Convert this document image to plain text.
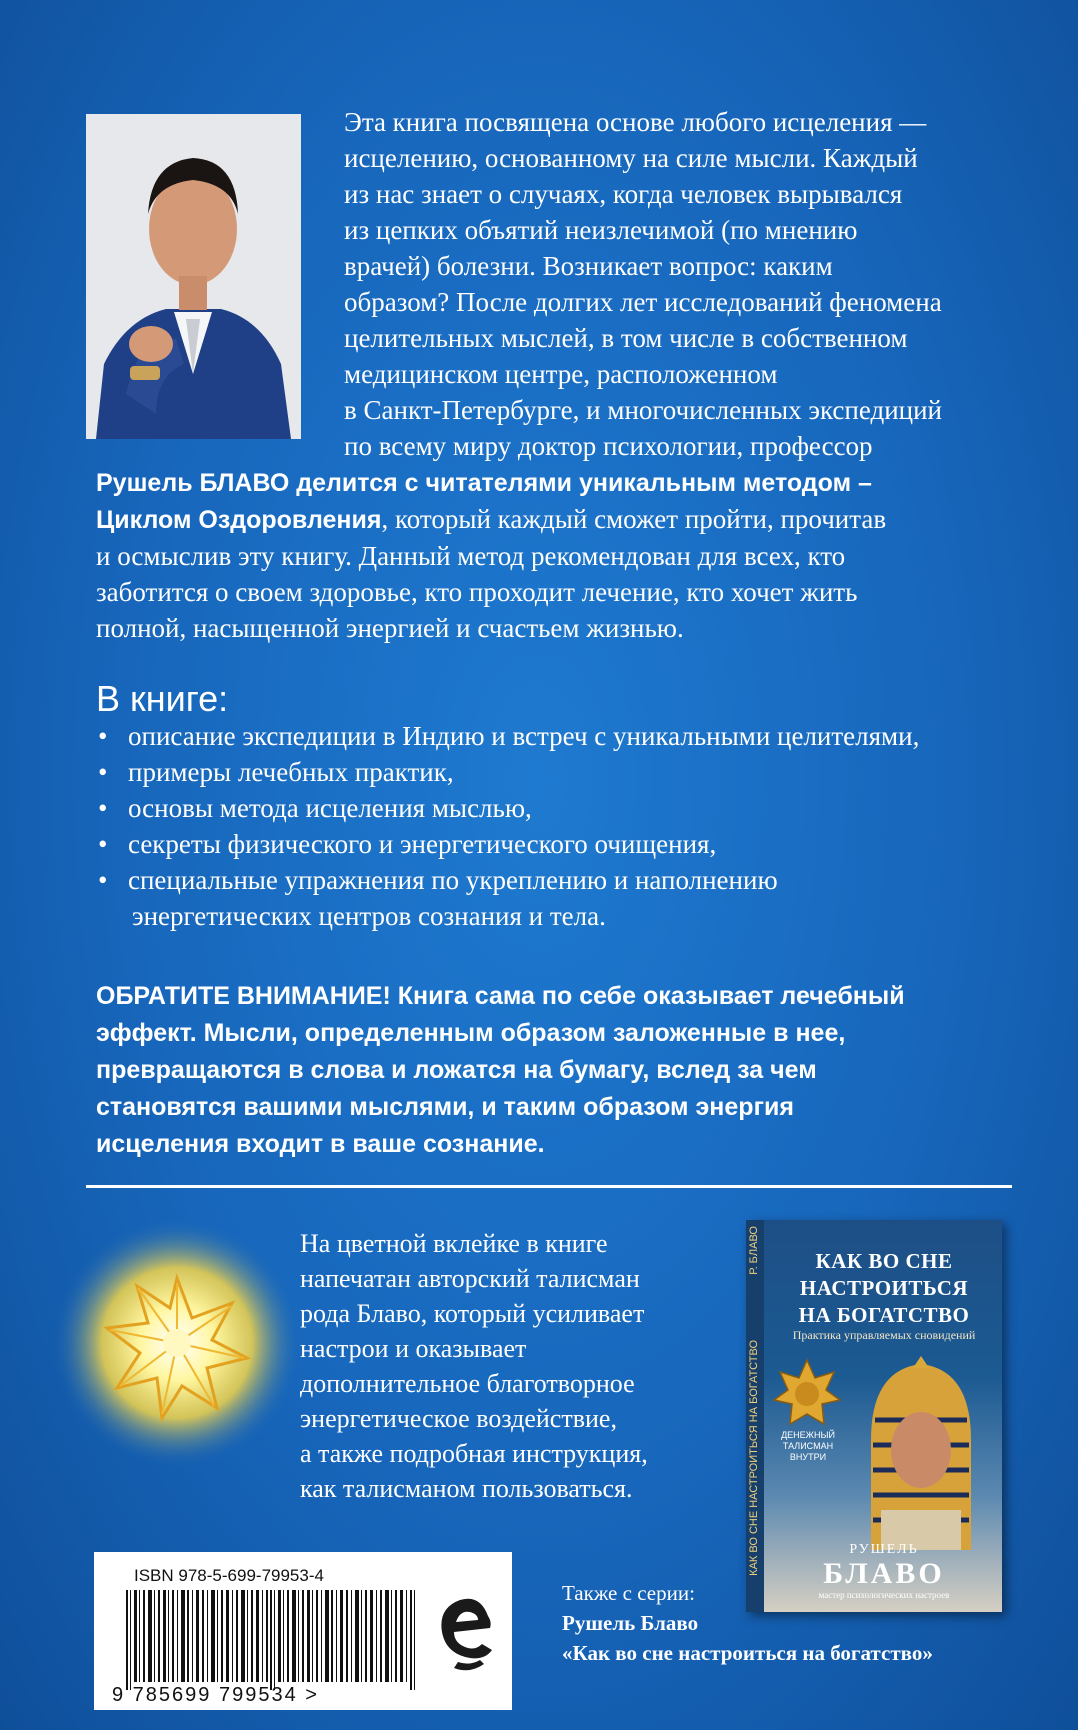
Эта книга посвящена основе любого исцеления —

исцелению, основанному на силе мысли. Каждый

из нас знает о случаях, когда человек вырывался

из цепких объятий неизлечимой (по мнению

врачей) болезни. Возникает вопрос: каким

образом? После долгих лет исследований феномена

целительных мыслей, в том числе в собственном

медицинском центре, расположенном

в Санкт-Петербурге, и многочисленных экспедиций

по всему миру доктор психологии, профессор

Рушель БЛАВО делится с читателями уникальным методом –

Циклом Оздоровления, который каждый сможет пройти, прочитав

и осмыслив эту книгу. Данный метод рекомендован для всех, кто

заботится о своем здоровье, кто проходит лечение, кто хочет жить

полной, насыщенной энергией и счастьем жизнью.

В книге:
• описание экспедиции в Индию и встреч с уникальными целителями,
• примеры лечебных практик,
• основы метода исцеления мыслью,
• секреты физического и энергетического очищения,
• специальные упражнения по укреплению и наполнению
энергетических центров сознания и тела.
ОБРАТИТЕ ВНИМАНИЕ! Книга сама по себе оказывает лечебный
эффект. Мысли, определенным образом заложенные в нее,
превращаются в слова и ложатся на бумагу, вслед за чем
становятся вашими мыслями, и таким образом энергия
исцеления входит в ваше сознание.
На цветной вклейке в книге
напечатан авторский талисман
рода Блаво, который усиливает
настрои и оказывает
дополнительное благотворное
энергетическое воздействие,
а также подробная инструкция,
как талисманом пользоваться.
Р. БЛАВО
КАК ВО СНЕ НАСТРОИТЬСЯ НА БОГАТСТВО
КАК ВО СНЕ
НАСТРОИТЬСЯ
НА БОГАТСТВО
Практика управляемых сновидений
ДЕНЕЖНЫЙ
ТАЛИСМАН
ВНУТРИ
РУШЕЛЬ
БЛАВО
мастер психологических настроев
ISBN 978-5-699-79953-4
9 785699 799534 >
Также с серии:
Рушель Блаво
«Как во сне настроиться на богатство»
